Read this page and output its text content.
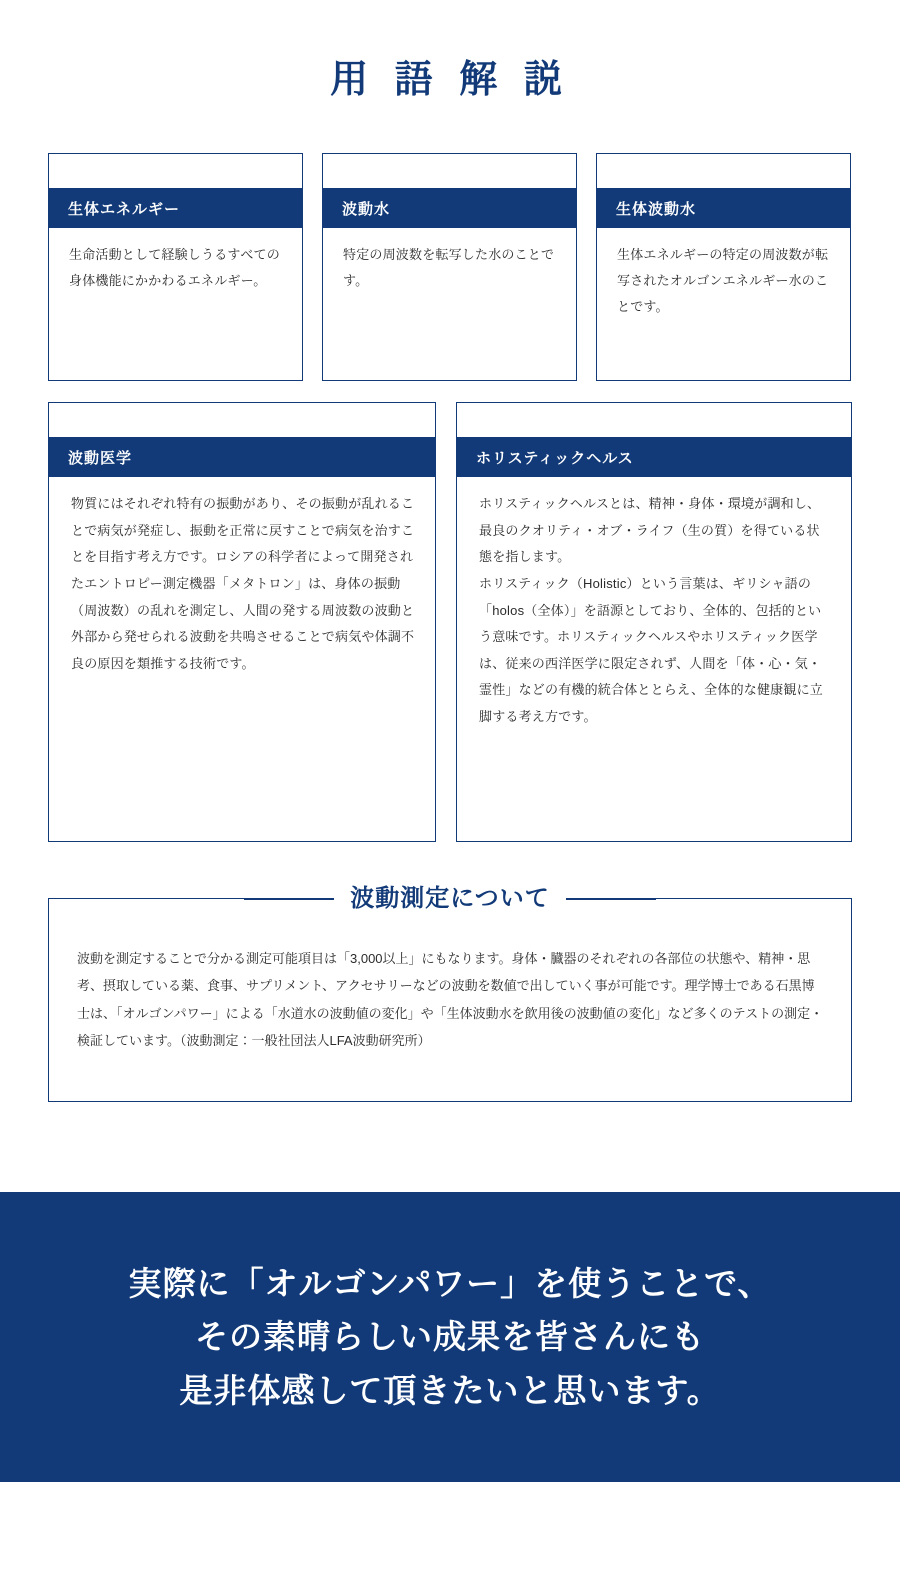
用 語 解 説
生体エネルギー
生命活動として経験しうるすべての身体機能にかかわるエネルギー。
波動水
特定の周波数を転写した水のことです。
生体波動水
生体エネルギーの特定の周波数が転写されたオルゴンエネルギー水のことです。
波動医学

物質にはそれぞれ特有の振動があり、その振動が乱れることで病気が発症し、振動を正常に戻すことで病気を治すことを目指す考え方です。ロシアの科学者によって開発されたエントロピー測定機器「メタトロン」は、身体の振動（周波数）の乱れを測定し、人間の発する周波数の波動と外部から発せられる波動を共鳴させることで病気や体調不良の原因を類推する技術です。

ホリスティックヘルス

ホリスティックヘルスとは、精神・身体・環境が調和し、最良のクオリティ・オブ・ライフ（生の質）を得ている状態を指します。

ホリスティック（Holistic）という言葉は、ギリシャ語の「holos（全体）」を語源としており、全体的、包括的という意味です。ホリスティックヘルスやホリスティック医学は、従来の西洋医学に限定されず、人間を「体・心・気・霊性」などの有機的統合体ととらえ、全体的な健康観に立脚する考え方です。

波動を測定することで分かる測定可能項目は「3,000以上」にもなります。身体・臓器のそれぞれの各部位の状態や、精神・思考、摂取している薬、食事、サプリメント、アクセサリーなどの波動を数値で出していく事が可能です。理学博士である石黒博士は、「オルゴンパワー」による「水道水の波動値の変化」や「生体波動水を飲用後の波動値の変化」など多くのテストの測定・検証しています。（波動測定：一般社団法人LFA波動研究所）
波動測定について
実際に「オルゴンパワー」を使うことで、
その素晴らしい成果を皆さんにも
是非体感して頂きたいと思います。
